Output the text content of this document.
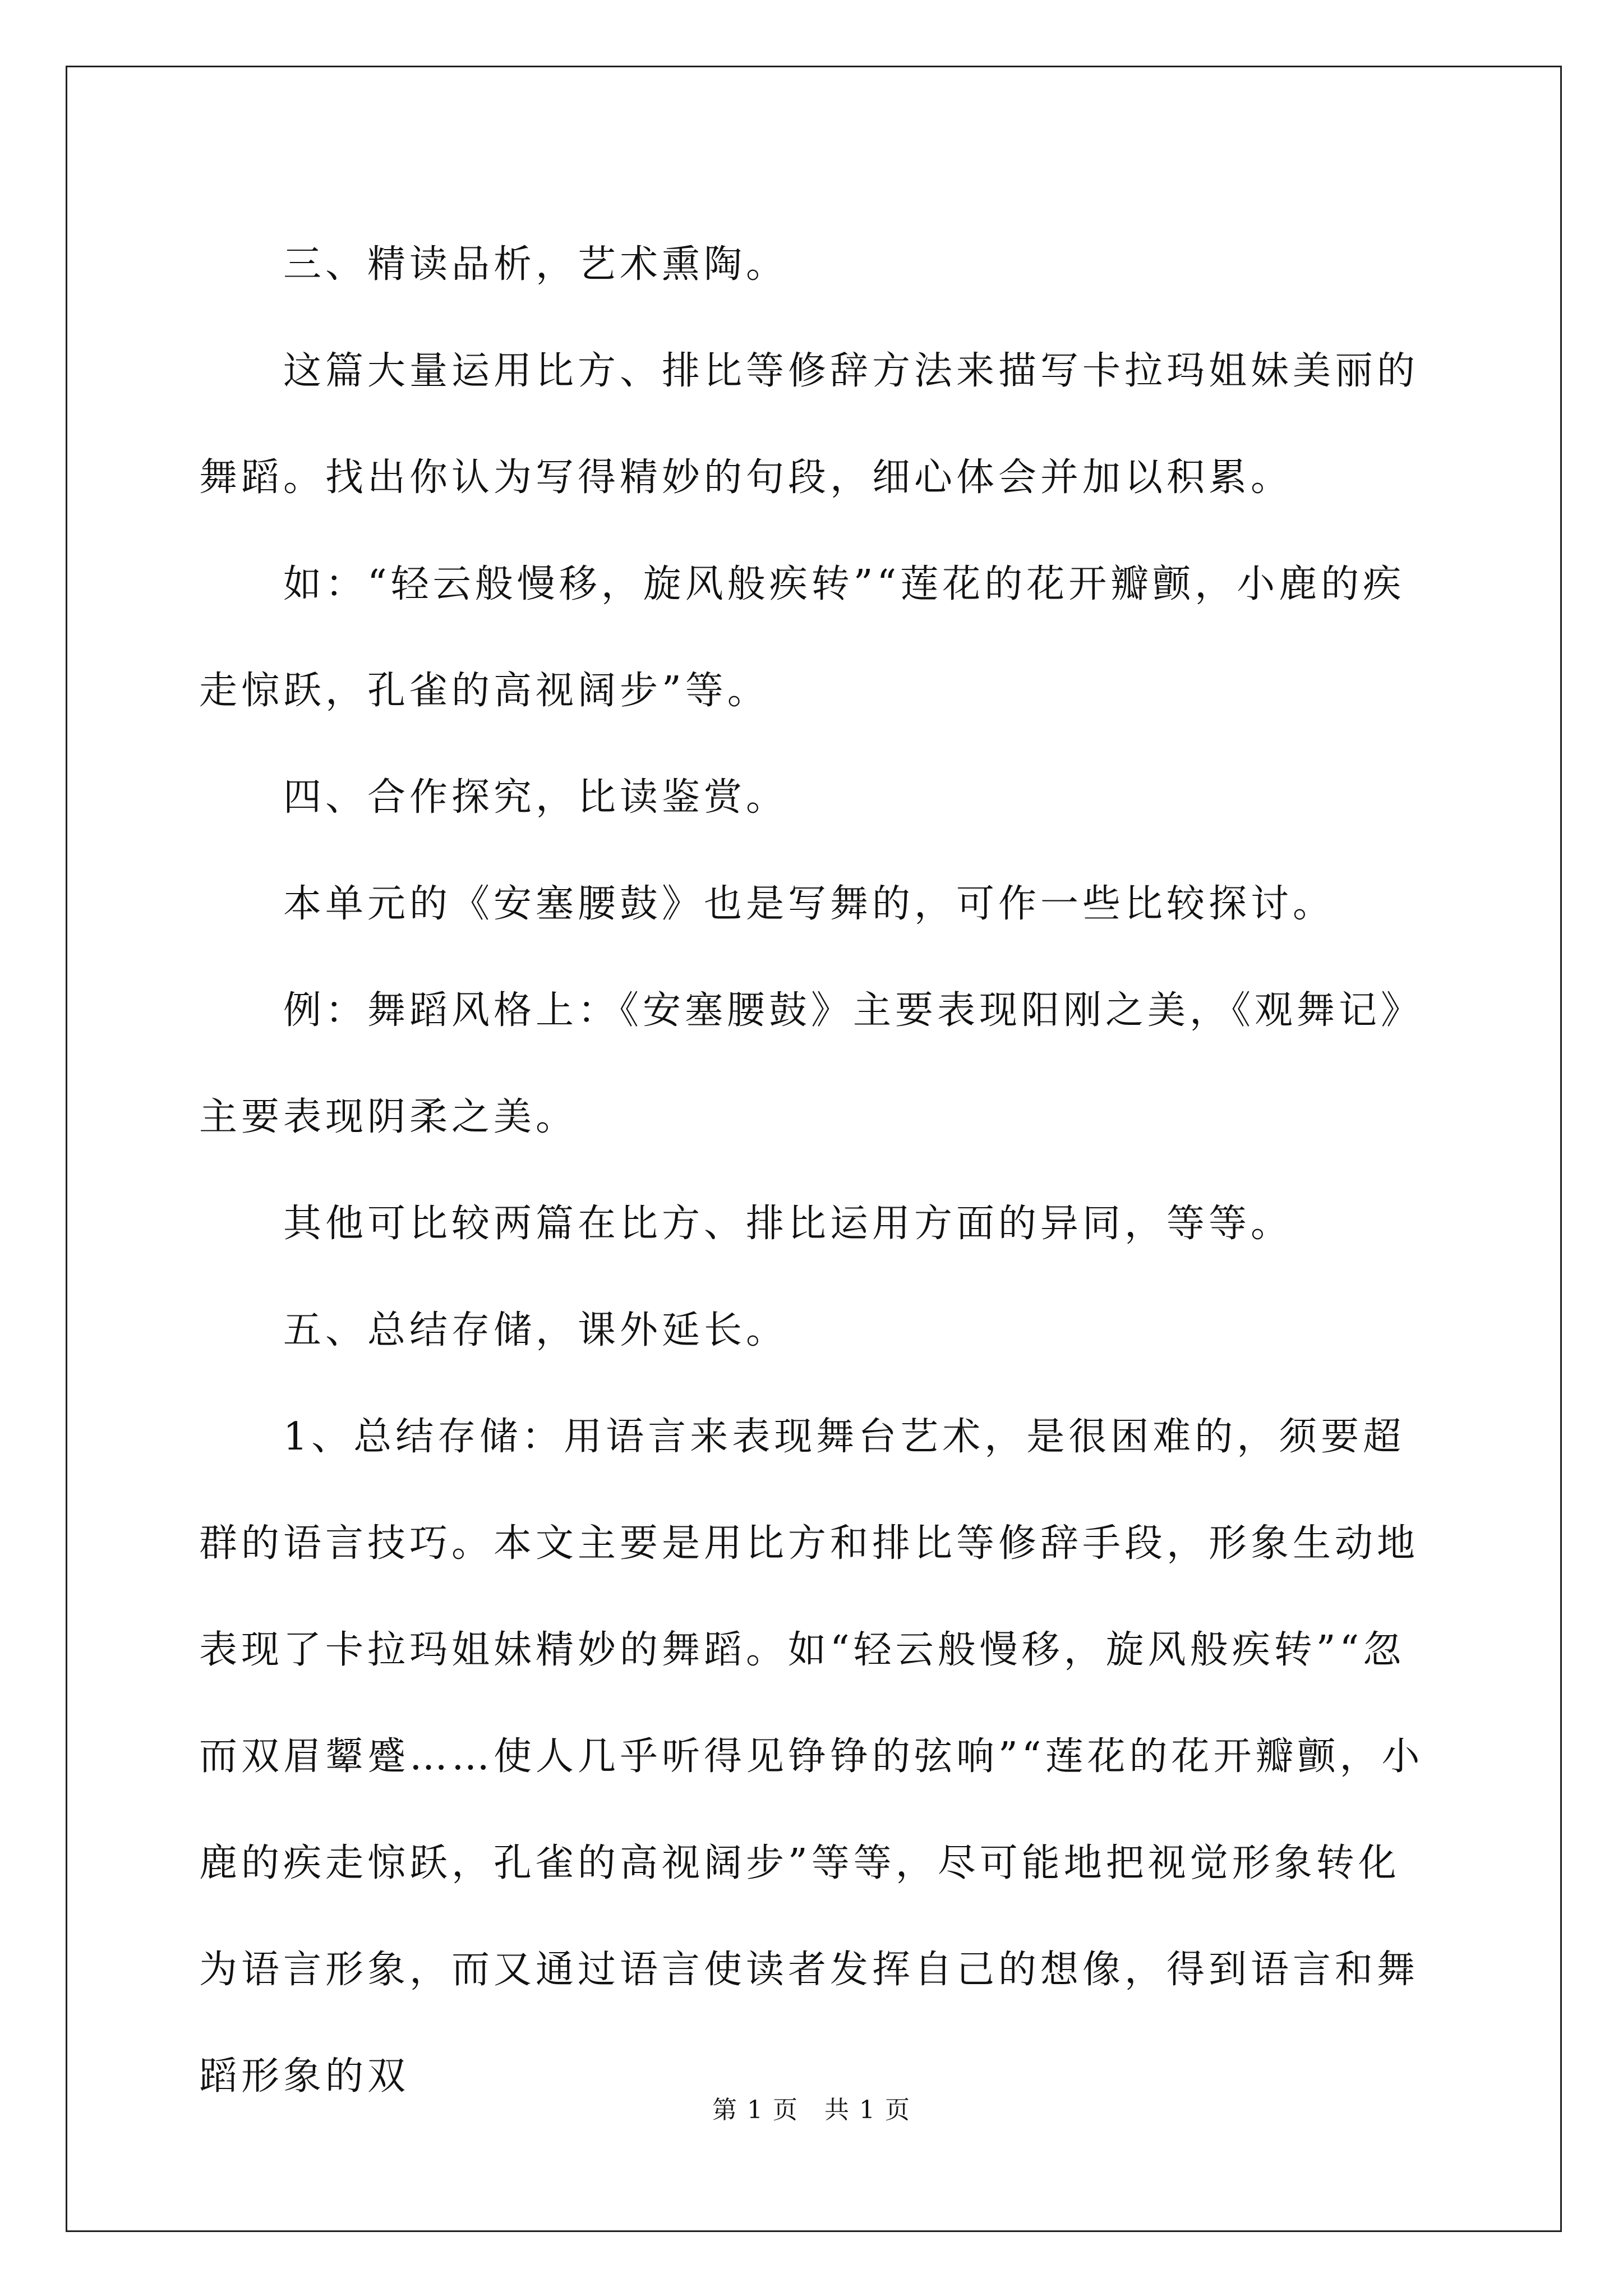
三、精读品析，艺术熏陶。

这篇大量运用比方、排比等修辞方法来描写卡拉玛姐妹美丽的舞蹈。找出你认为写得精妙的句段，细心体会并加以积累。

如：“轻云般慢移，旋风般疾转”“莲花的花开瓣颤，小鹿的疾走惊跃，孔雀的高视阔步”等。

四、合作探究，比读鉴赏。

本单元的《安塞腰鼓》也是写舞的，可作一些比较探讨。

例：舞蹈风格上：《安塞腰鼓》主要表现阳刚之美，《观舞记》主要表现阴柔之美。

其他可比较两篇在比方、排比运用方面的异同，等等。

五、总结存储，课外延长。

1、总结存储：用语言来表现舞台艺术，是很困难的，须要超群的语言技巧。本文主要是用比方和排比等修辞手段，形象生动地表现了卡拉玛姐妹精妙的舞蹈。如“轻云般慢移，旋风般疾转”“忽而双眉颦蹙……使人几乎听得见铮铮的弦响”“莲花的花开瓣颤，小鹿的疾走惊跃，孔雀的高视阔步”等等，尽可能地把视觉形象转化为语言形象，而又通过语言使读者发挥自己的想像，得到语言和舞蹈形象的双

第 1 页　共 1 页
